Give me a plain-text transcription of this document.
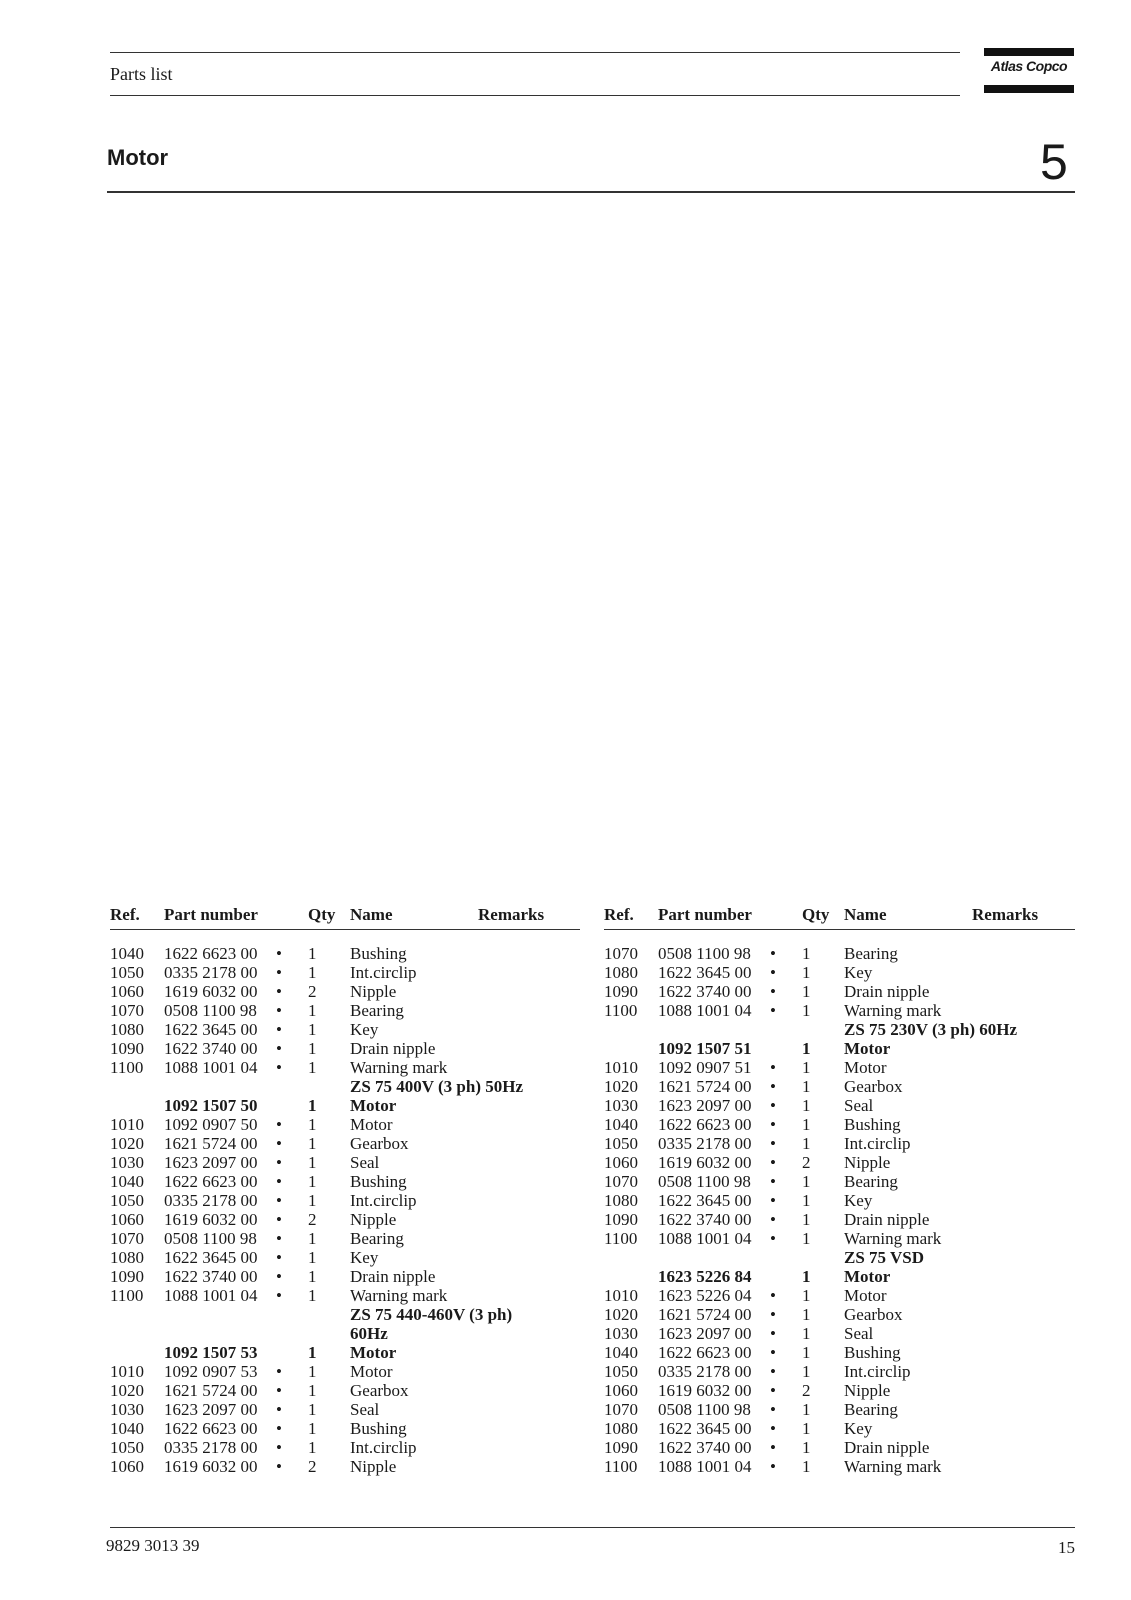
Parts list	Atlas Copco
Motor	5
Ref. Part number	Qty Name	Remarks
1040 1622 6623 00 • 1 Bushing
1050 0335 2178 00 • 1 Int.circlip
1060 1619 6032 00 • 2 Nipple
1070 0508 1100 98 • 1 Bearing
1080 1622 3645 00 • 1 Key
1090 1622 3740 00 • 1 Drain nipple
1100 1088 1001 04 • 1 Warning mark
ZS 75 400V (3 ph) 50Hz
1092 1507 50	1 Motor
1010 1092 0907 50 • 1 Motor
1020 1621 5724 00 • 1 Gearbox
1030 1623 2097 00 • 1 Seal
1040 1622 6623 00 • 1 Bushing
1050 0335 2178 00 • 1 Int.circlip
1060 1619 6032 00 • 2 Nipple
1070 0508 1100 98 • 1 Bearing
1080 1622 3645 00 • 1 Key
1090 1622 3740 00 • 1 Drain nipple
1100 1088 1001 04 • 1 Warning mark
ZS 75 440-460V (3 ph)
60Hz
1092 1507 53	1 Motor
1010 1092 0907 53 • 1 Motor
1020 1621 5724 00 • 1 Gearbox
1030 1623 2097 00 • 1 Seal
1040 1622 6623 00 • 1 Bushing
1050 0335 2178 00 • 1 Int.circlip
1060 1619 6032 00 • 2 Nipple
Ref. Part number	Qty Name	Remarks
1070 0508 1100 98 • 1 Bearing
1080 1622 3645 00 • 1 Key
1090 1622 3740 00 • 1 Drain nipple
1100 1088 1001 04 • 1 Warning mark
ZS 75 230V (3 ph) 60Hz
1092 1507 51	1 Motor
1010 1092 0907 51 • 1 Motor
1020 1621 5724 00 • 1 Gearbox
1030 1623 2097 00 • 1 Seal
1040 1622 6623 00 • 1 Bushing
1050 0335 2178 00 • 1 Int.circlip
1060 1619 6032 00 • 2 Nipple
1070 0508 1100 98 • 1 Bearing
1080 1622 3645 00 • 1 Key
1090 1622 3740 00 • 1 Drain nipple
1100 1088 1001 04 • 1 Warning mark
ZS 75 VSD
1623 5226 84	1 Motor
1010 1623 5226 04 • 1 Motor
1020 1621 5724 00 • 1 Gearbox
1030 1623 2097 00 • 1 Seal
1040 1622 6623 00 • 1 Bushing
1050 0335 2178 00 • 1 Int.circlip
1060 1619 6032 00 • 2 Nipple
1070 0508 1100 98 • 1 Bearing
1080 1622 3645 00 • 1 Key
1090 1622 3740 00 • 1 Drain nipple
1100 1088 1001 04 • 1 Warning mark
9829 3013 39	15
